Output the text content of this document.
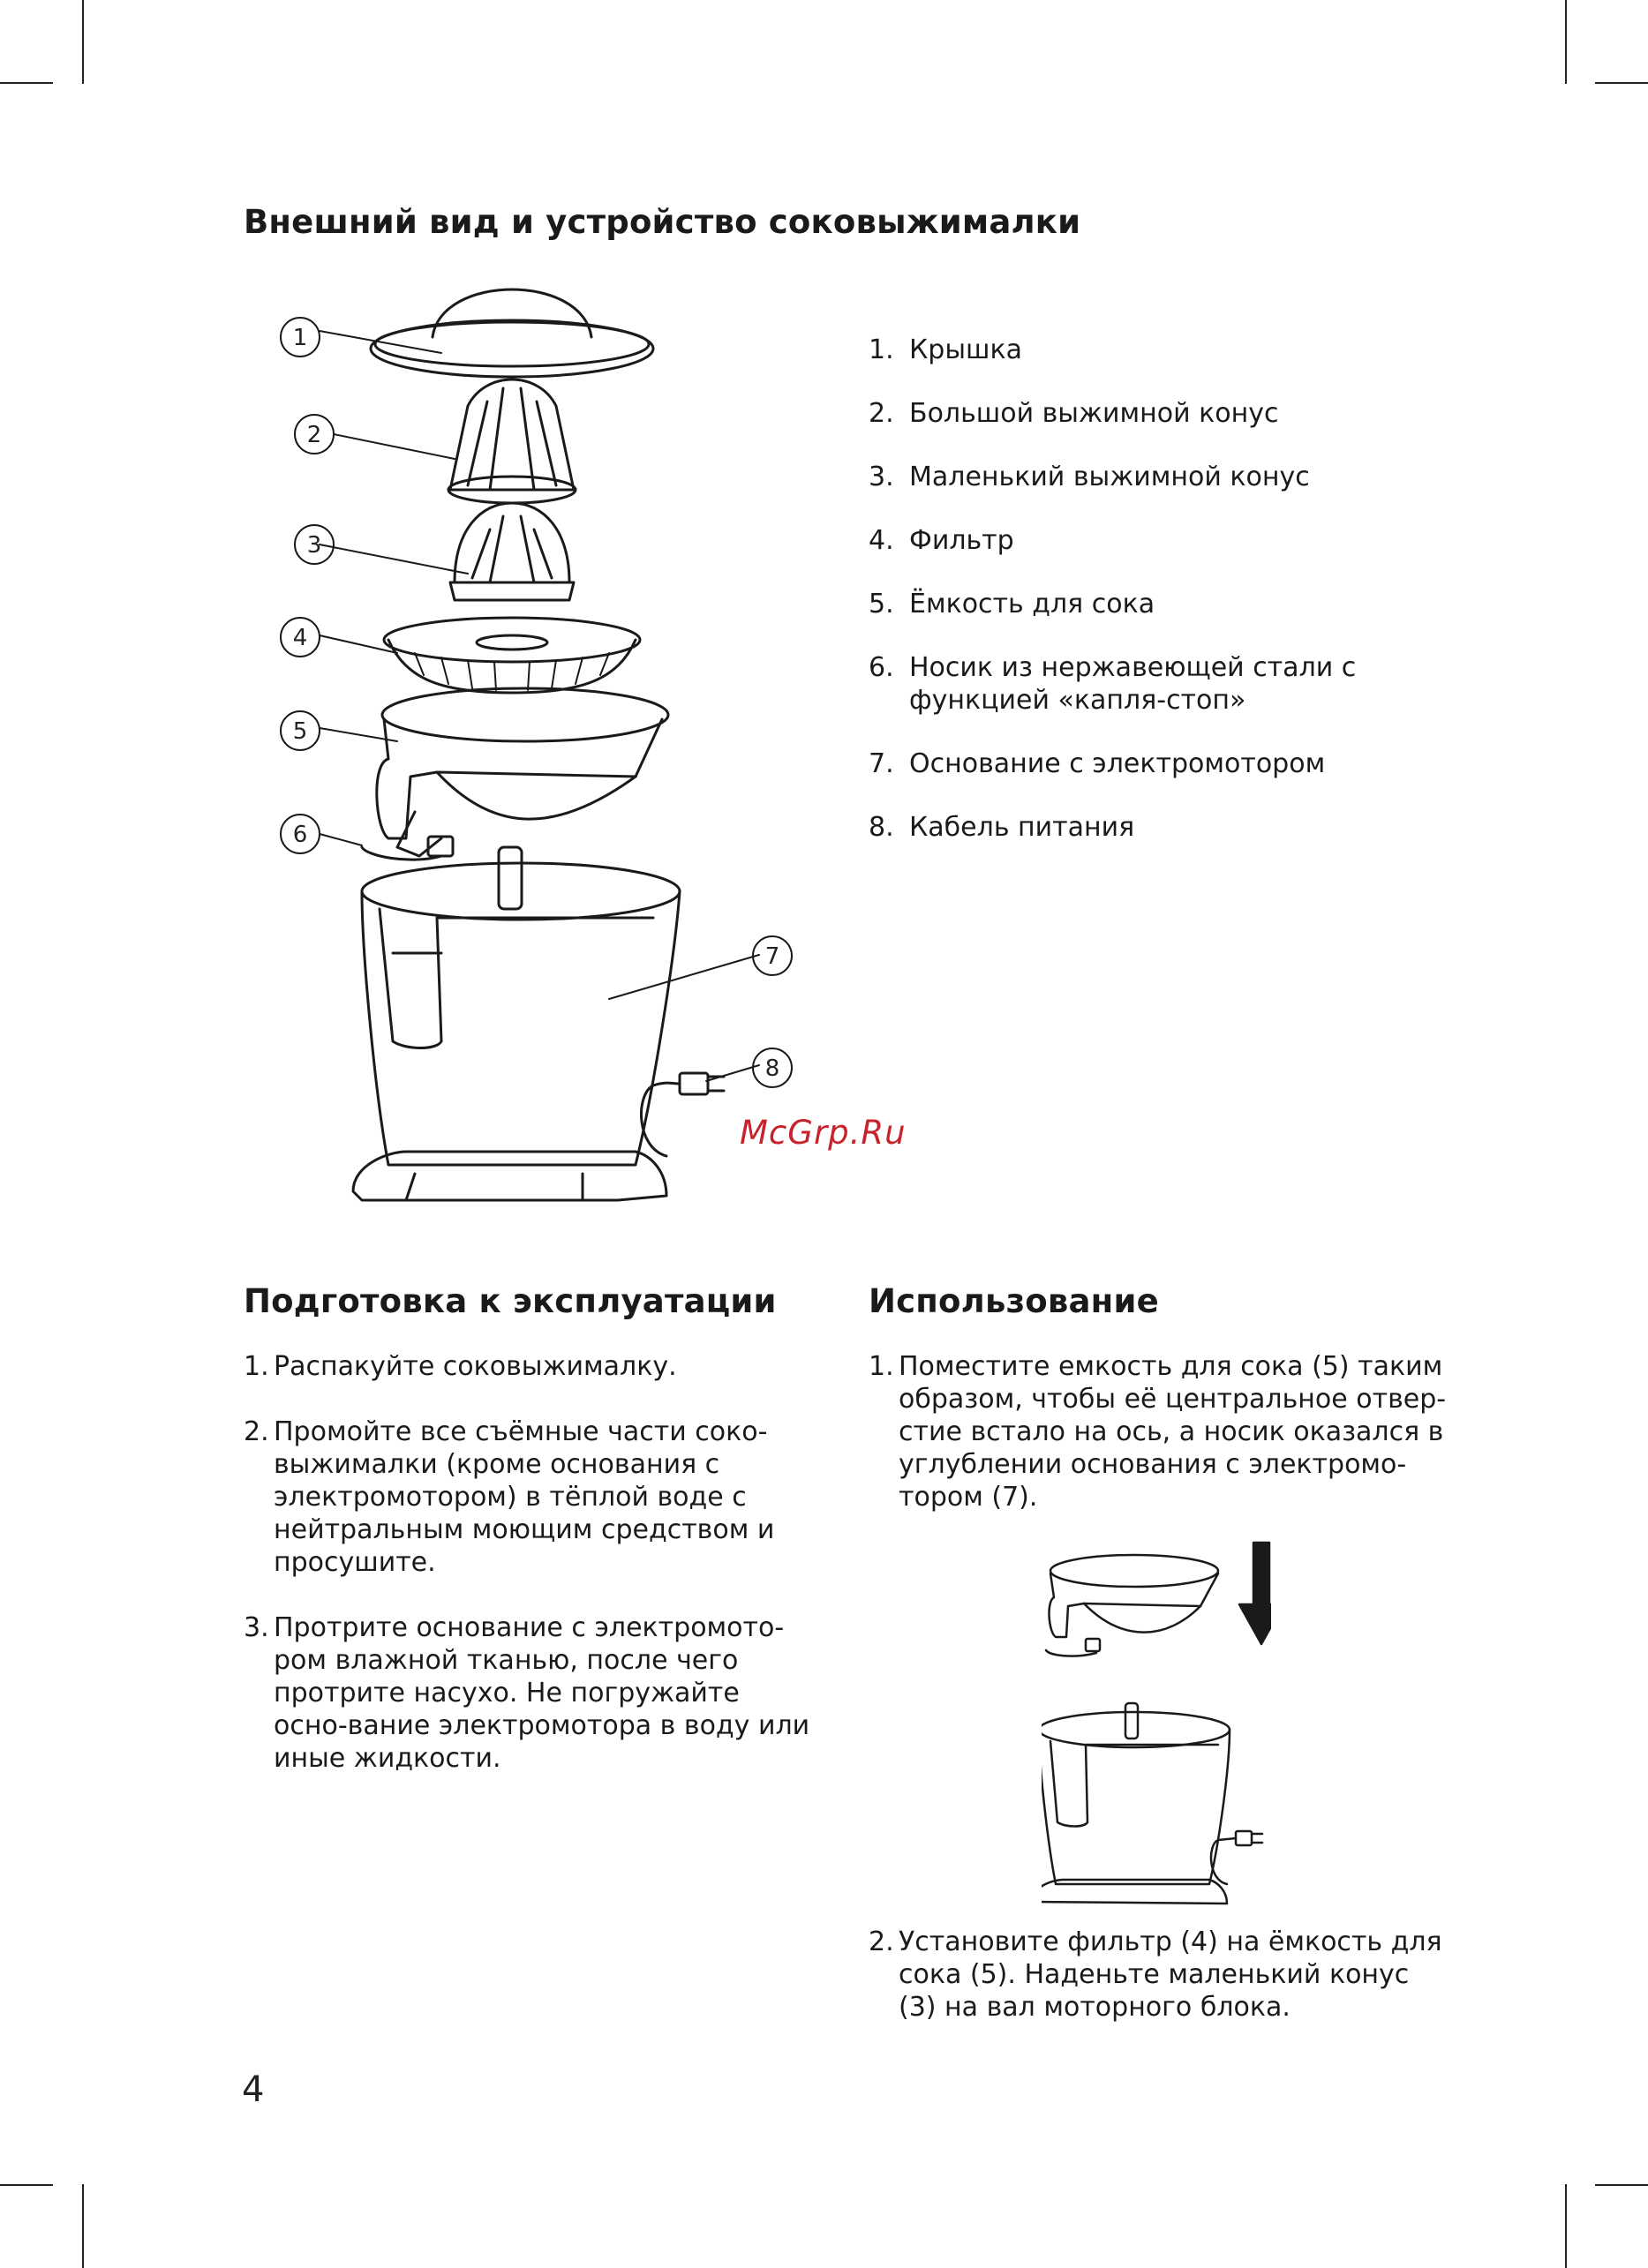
Внешний вид и устройство соковыжималки
1
2
3
4
5
6
7
8
1. Крышка
2. Большой выжимной конус
3. Маленький выжимной конус
4. Фильтр
5. Ёмкость для сока
6. Носик из нержавеющей стали с функцией «капля-стоп»
7. Основание с электромотором
8. Кабель питания
McGrp.Ru
Подготовка к эксплуатации	Использование
1. Распакуйте соковыжималку.
2. Промойте все съёмные части соко-выжималки (кроме основания с электромотором) в тёплой воде с нейтральным моющим средством и просушите.
3. Протрите основание с электромото-ром влажной тканью, после чего протрите насухо. Не погружайте осно-вание электромотора в воду или иные жидкости.
1. Поместите емкость для сока (5) таким образом, чтобы её центральное отвер-стие встало на ось, а носик оказался в углублении основания с электромо-тором (7).
2. Установите фильтр (4) на ёмкость для сока (5). Наденьте маленький конус (3) на вал моторного блока.
4
